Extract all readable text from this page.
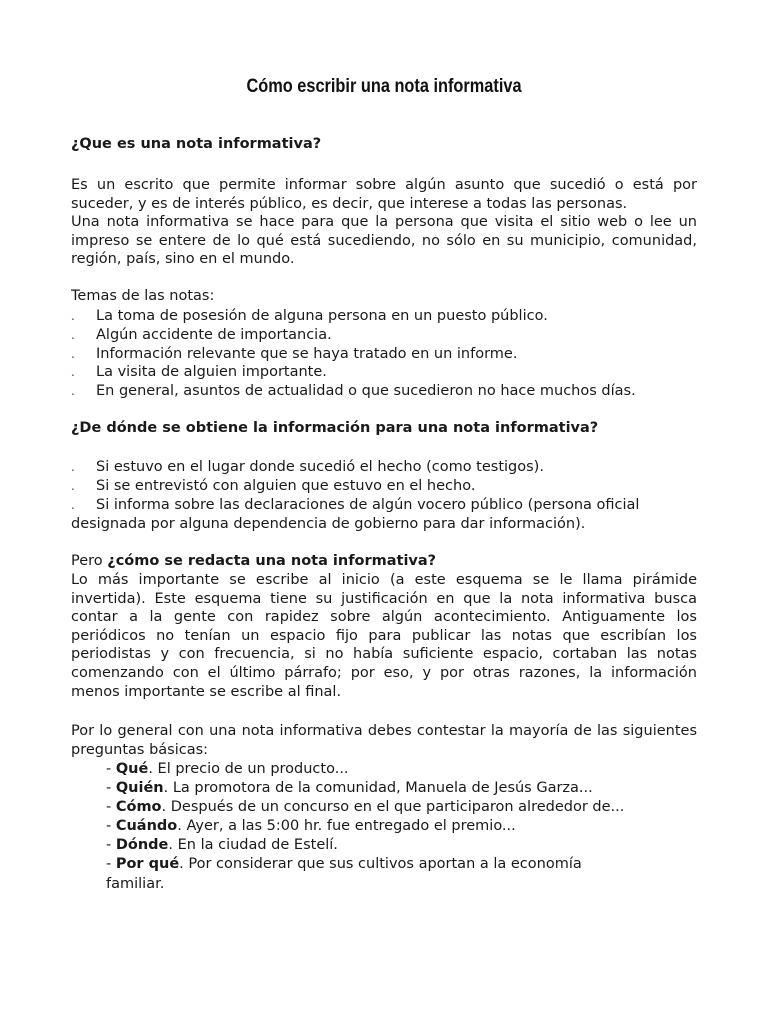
Cómo escribir una nota informativa
¿Que es una nota informativa?
Es un escrito que permite informar sobre algún asunto que sucedió o está por suceder, y es de interés público, es decir, que interese a todas las personas.
Una nota informativa se hace para que la persona que visita el sitio web o lee un impreso se entere de lo qué está sucediendo, no sólo en su municipio, comunidad, región, país, sino en el mundo.
Temas de las notas:
. La toma de posesión de alguna persona en un puesto público.
. Algún accidente de importancia.
. Información relevante que se haya tratado en un informe.
. La visita de alguien importante.
. En general, asuntos de actualidad o que sucedieron no hace muchos días.
¿De dónde se obtiene la información para una nota informativa?
. Si estuvo en el lugar donde sucedió el hecho (como testigos).
. Si se entrevistó con alguien que estuvo en el hecho.
. Si informa sobre las declaraciones de algún vocero público (persona oficial
designada por alguna dependencia de gobierno para dar información).
Pero ¿cómo se redacta una nota informativa?
Lo más importante se escribe al inicio (a este esquema se le llama pirámide invertida). Este esquema tiene su justificación en que la nota informativa busca contar a la gente con rapidez sobre algún acontecimiento. Antiguamente los periódicos no tenían un espacio fijo para publicar las notas que escribían los periodistas y con frecuencia, si no había suficiente espacio, cortaban las notas comenzando con el último párrafo; por eso, y por otras razones, la información menos importante se escribe al final.
Por lo general con una nota informativa debes contestar la mayoría de las siguientes preguntas básicas:
- Qué. El precio de un producto...
- Quién. La promotora de la comunidad, Manuela de Jesús Garza...
- Cómo. Después de un concurso en el que participaron alrededor de...
- Cuándo. Ayer, a las 5:00 hr. fue entregado el premio...
- Dónde. En la ciudad de Estelí.
- Por qué. Por considerar que sus cultivos aportan a la economía familiar.
